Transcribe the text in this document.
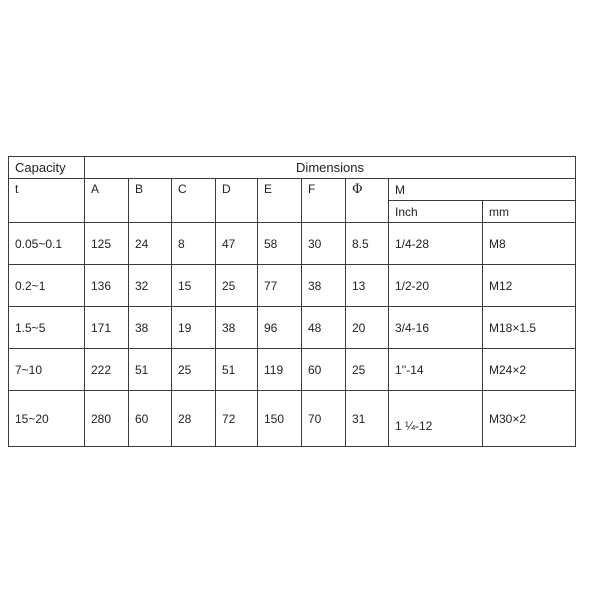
Capacity	Dimensions								
t	A	B	C	D	E	F	Φ	M	
								Inch	mm
0.05~0.1	125	24	8	47	58	30	8.5	1/4-28	M8
0.2~1	136	32	15	25	77	38	13	1/2-20	M12
1.5~5	171	38	19	38	96	48	20	3/4-16	M18×1.5
7~10	222	51	25	51	119	60	25	1''-14	M24×2
15~20	280	60	28	72	150	70	31	1 ¼-12	M30×2
